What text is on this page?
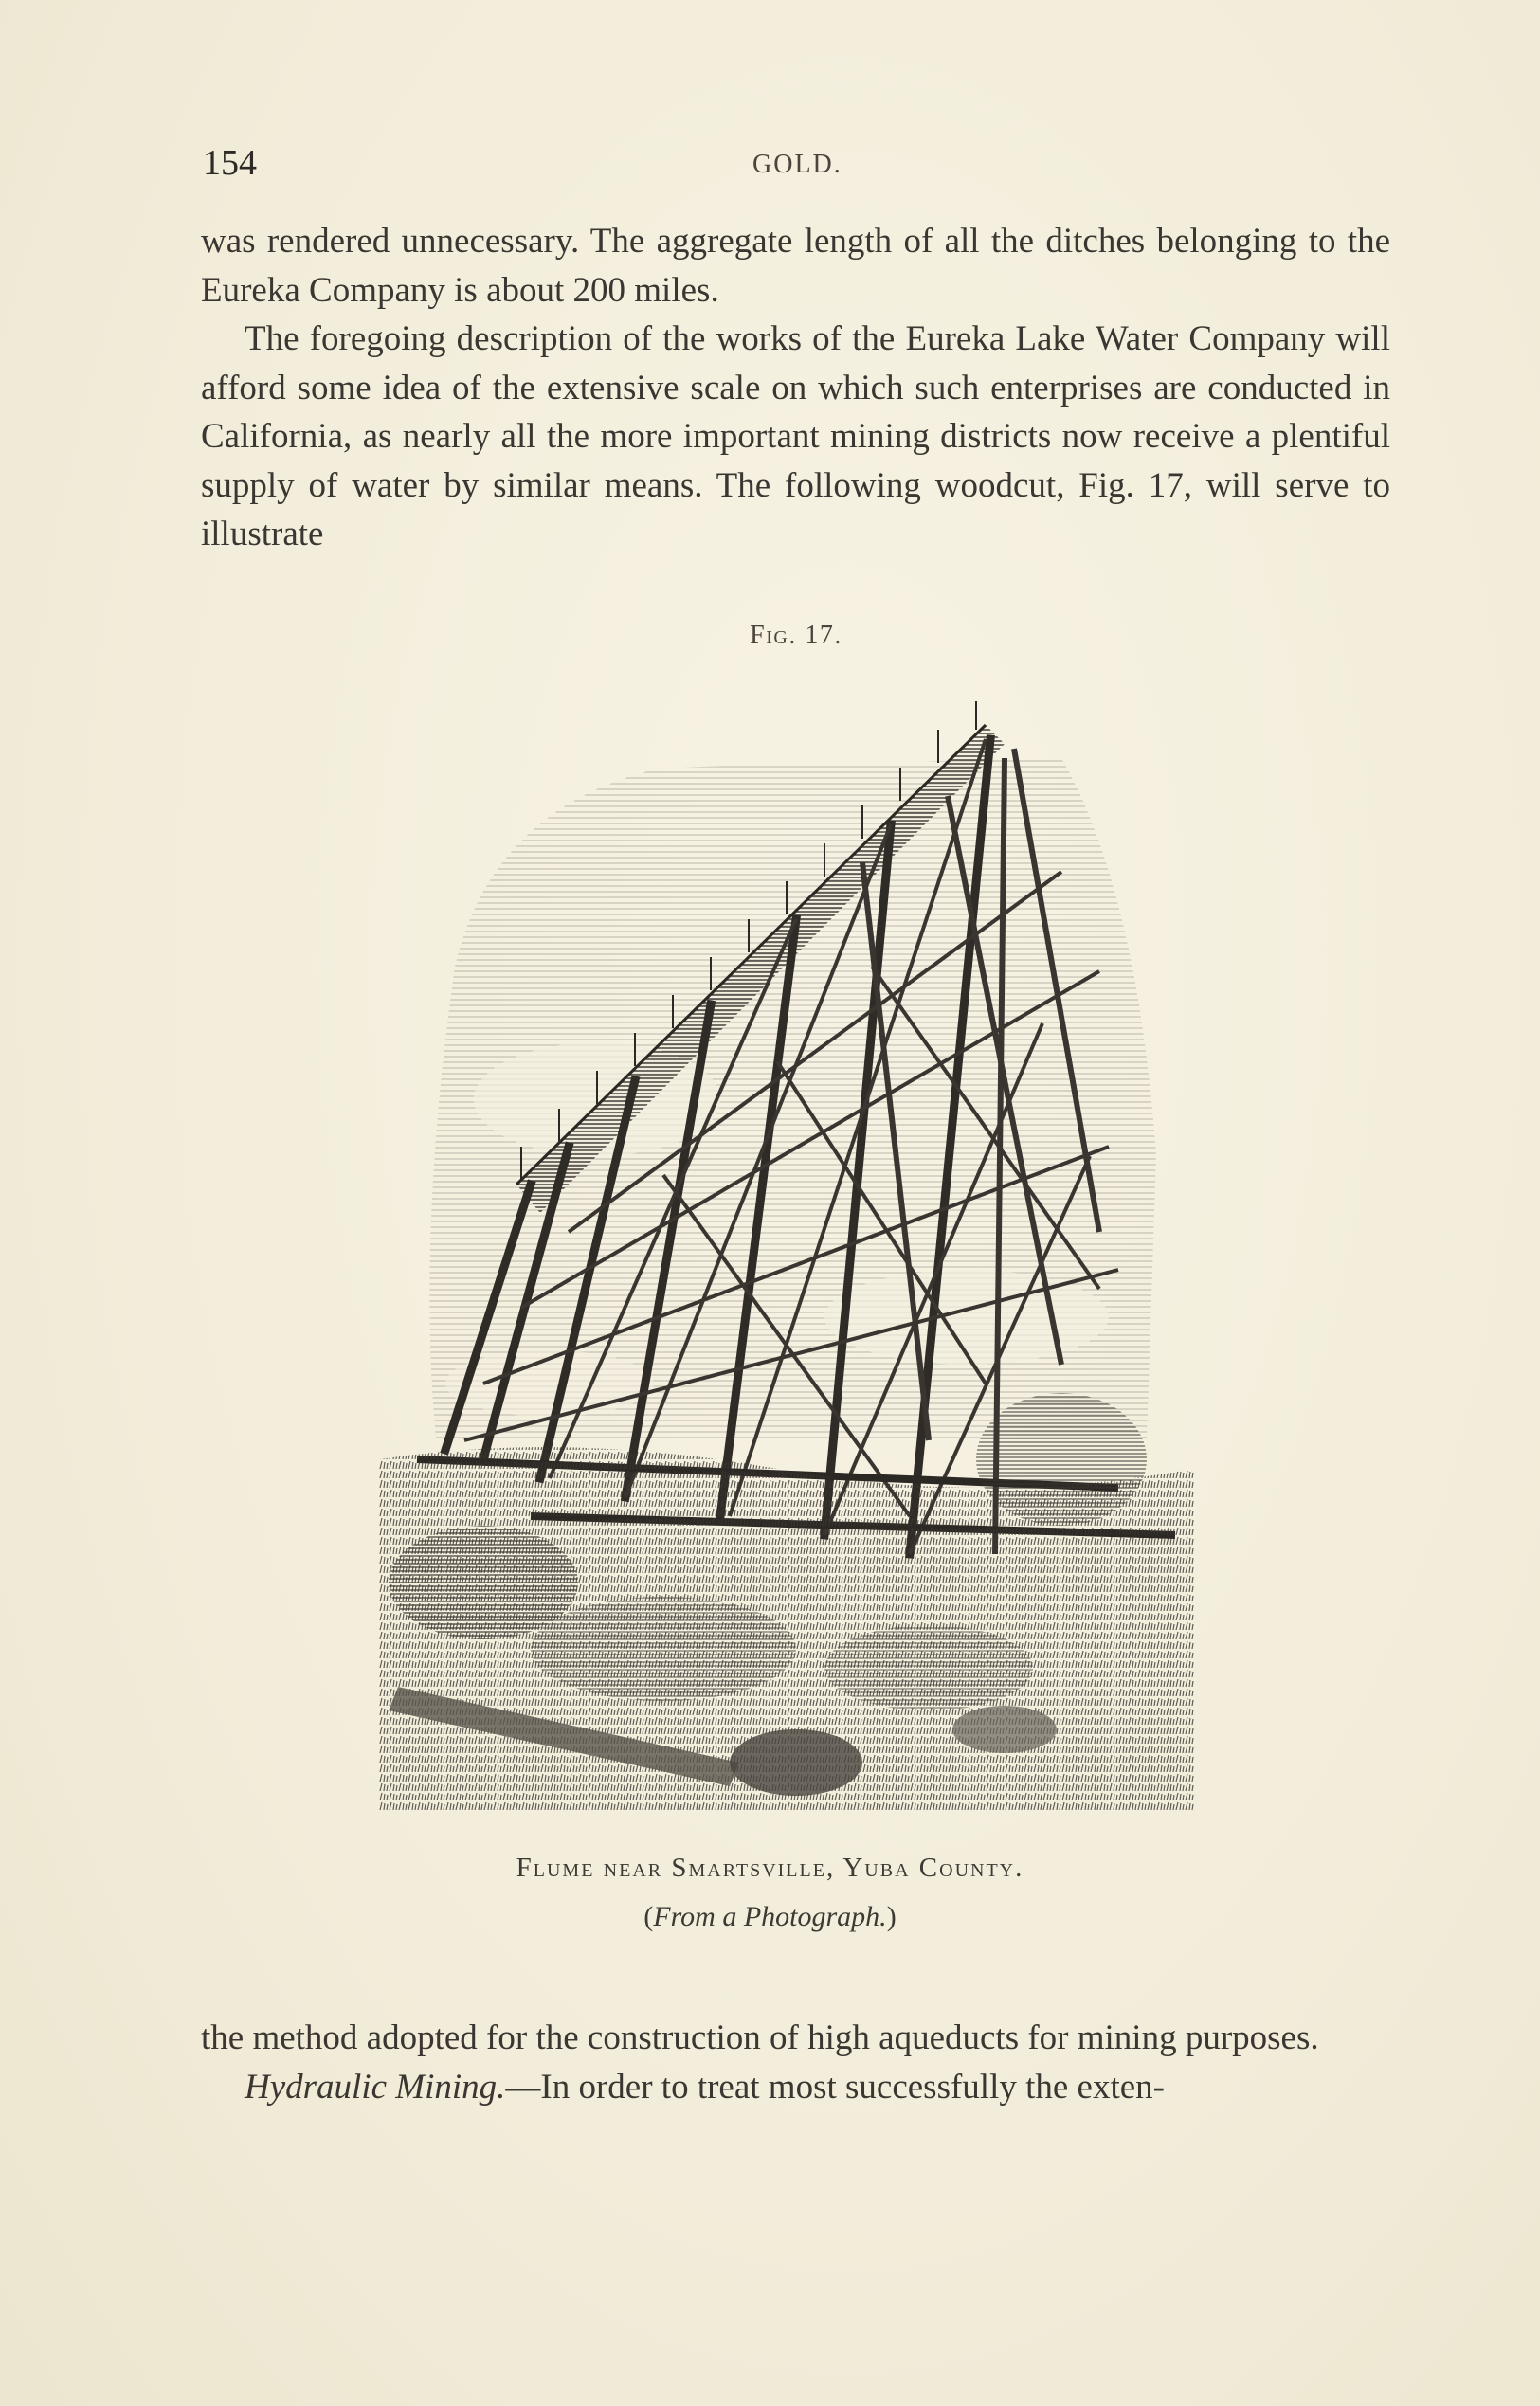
154	GOLD.

was rendered unnecessary. The aggregate length of all the ditches belonging to the Eureka Company is about 200 miles.

The foregoing description of the works of the Eureka Lake Water Company will afford some idea of the extensive scale on which such enterprises are conducted in California, as nearly all the more important mining districts now receive a plentiful supply of water by similar means. The following woodcut, Fig. 17, will serve to illustrate

Fig. 17.
Flume near Smartsville, Yuba County.
(From a Photograph.)

the method adopted for the construction of high aqueducts for mining purposes.

Hydraulic Mining.—In order to treat most successfully the exten-
